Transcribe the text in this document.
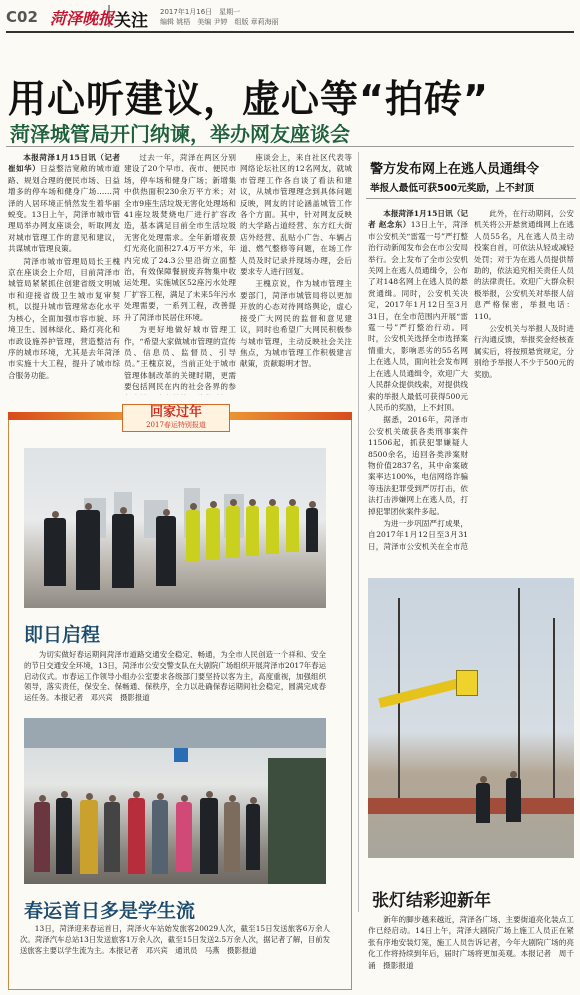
C02 菏泽晚报 关注 2017年1月16日　星期一
编辑 姚梧　美编 尹婷　组版 章莉海丽
用心听建议，虚心等“拍砖”
菏泽城管局开门纳谏，举办网友座谈会

本报菏泽1月15日讯（记者 崔如华）日益整洁宽敞的城市道路、规划合理的便民市场、日益增多的停车场和健身广场……菏泽的人居环境正悄然发生着华丽蜕变。13日上午，菏泽市城市管理局举办网友座谈会，听取网友对城市管理工作的意见和建议，共谋城市管理良策。

菏泽市城市管理局局长王槐京在座谈会上介绍，目前菏泽市城管局紧紧抓住创建省级文明城市和迎接省级卫生城市复审契机，以提升城市管理常态化水平为核心，全面加强市容市貌、环境卫生、园林绿化、路灯亮化和市政设施养护管理，营造整洁有序的城市环境，尤其是去年菏泽市实施十大工程，提升了城市综合服务功能。

过去一年，菏泽在两区分别建设了20个早市、夜市、便民市场，停车场和健身广场；新增集中供热面积230余万平方米；对全市9座生活垃圾无害化处理场和41座垃圾焚烧电厂进行扩容改造，基本满足目前全市生活垃圾无害化处理需求。全年新增夜景灯光亮化面积27.4万平方米，年内完成了24.3公里沿街立面整治，有效保障餐厨废弃物集中收运处理。实施城区52座污水处理厂扩容工程，满足了未来5年污水处理需要，一系列工程，改善提升了菏泽市民居住环境。

为更好地做好城市管理工作，“希望大家做城市管理的宣传员、信息员、监督员、引导员。”王槐京说，当前正处于城市管理体制改革的关键时期，更需要包括网民在内的社会各界的参

座谈会上，来自社区代表等网络论坛社区的12名网友，就城市管理工作各自谈了看法和建议，从城市管理理念到具体问题反映，网友的讨论涵盖城管工作各个方面。其中，针对网友反映的大学路占道经营、东方红大街店外经营、乱贴小广告、车辆占道、燃气整修等问题，在场工作人员及时记录并现场办理，会后要求专人进行回复。

王槐京说，作为城市管理主要部门，菏泽市城管局将以更加开放的心态对待网络舆论，虚心接受广大网民的监督和意见建议，同时也希望广大网民积极参与城市管理，主动反映社会关注焦点，为城市管理工作积极建言献策，贡献聪明才智。

警方发布网上在逃人员通缉令
举报人最低可获500元奖励，上不封顶

本报菏泽1月15日讯（记者 赵念东）13日上午，菏泽市公安机关“雷霆一号”严打整治行动新闻发布会在市公安局举行。会上发布了全市公安机关网上在逃人员通缉令，公布了对148名网上在逃人员的悬赏通缉。同时，公安机关决定，2017年1月12日至3月31日，在全市范围内开展“雷霆一号”严打整治行动。同时，公安机关选择全市选择案情重大，影响恶劣的55名网上在逃人员，面向社会发布网上在逃人员通缉令，欢迎广大人民群众提供线索，对提供线索的举报人最低可获得500元人民币的奖励，上不封顶。

据悉，2016年，菏泽市公安机关破获各类刑事案件11506起，抓获犯罪嫌疑人8500余名，追回各类涉案财物价值2837名，其中命案破案率达100%，电信网络诈骗等违法犯罪受到严厉打击，依法打击涉嫌网上在逃人员，打掉犯罪团伙案件多起。

为进一步巩固严打成果，自2017年1月12日至3月31日，菏泽市公安机关在全市范

此外，在行动期间，公安机关将公开悬赏通缉网上在逃人员55名，凡在逃人员主动投案自首，可依法从轻或减轻处罚；对于为在逃人员提供帮助的，依法追究相关责任人员的法律责任。欢迎广大群众积极举报，公安机关对举报人信息严格保密，举报电话：110。

公安机关与举报人及时进行沟通反馈，举报奖金经核查属实后，将按照悬赏规定，分别给予举报人不少于500元的奖励。

张灯结彩迎新年

新年的脚步越来越近，菏泽各广场、主要街道亮化装点工作已经启动。14日上午，菏泽大剧院广场上施工人员正在紧张有序地安装灯笼，施工人员告诉记者，今年大剧院广场的亮化工作将持续到年后，届时广场将更加美观。本报记者　周千涌　摄影报道

回家过年
2017春运特别报道
即日启程

为切实做好春运期间菏泽市道路交通安全稳定、畅通，为全市人民创造一个祥和、安全的节日交通安全环境，13日，菏泽市公安交警支队在大剧院广场组织开展菏泽市2017年春运启动仪式。市春运工作领导小组办公室要求各级部门要坚持以客为主，高度重视，加强组织领导，落实责任，保安全、保畅通、保秩序，全力以赴确保春运期间社会稳定，圆满完成春运任务。本报记者　邓兴宾　摄影报道

春运首日多是学生流

13日，菏泽迎来春运首日，菏泽火车站始发旅客20029人次，截至15日发送旅客6万余人次。菏泽汽车总站13日发送旅客1万余人次，截至15日发送2.5万余人次，据记者了解，目前发送旅客主要以学生流为主。本报记者　邓兴宾　通讯员　马燕　摄影报道
